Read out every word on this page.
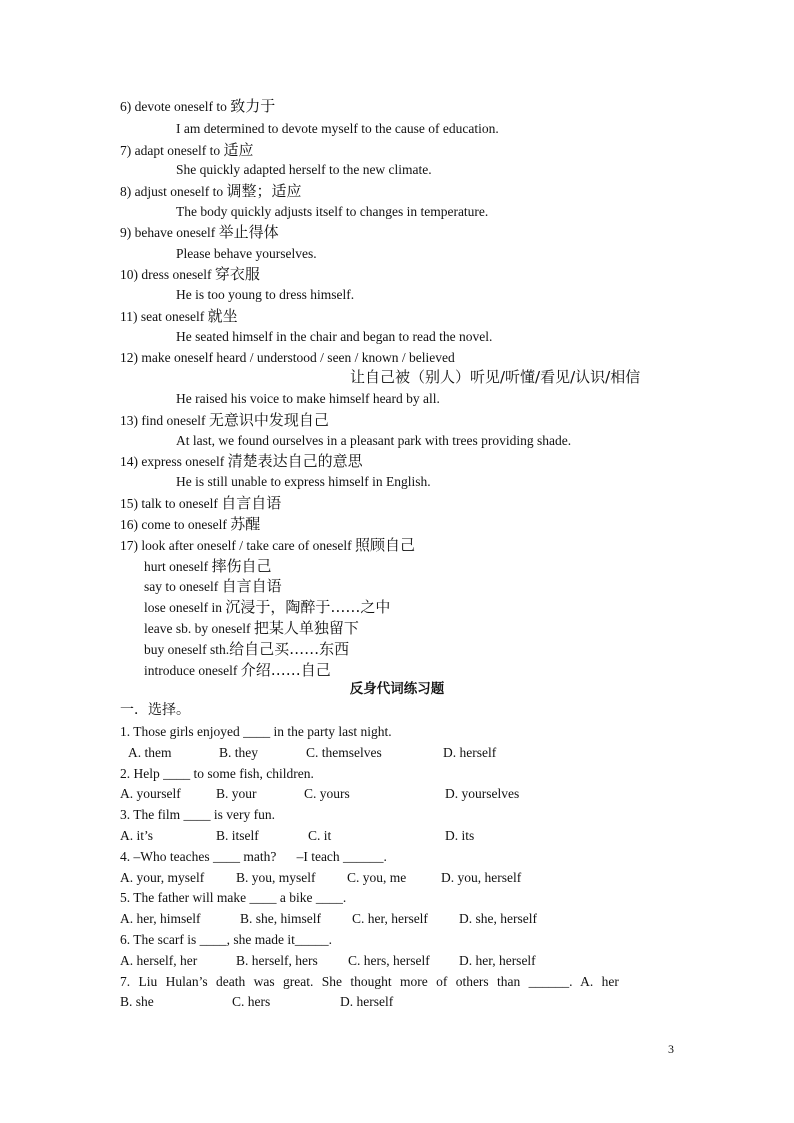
6) devote oneself to 致力于
I am determined to devote myself to the cause of education.
7) adapt oneself to 适应
She quickly adapted herself to the new climate.
8) adjust oneself to 调整；适应
The body quickly adjusts itself to changes in temperature.
9) behave oneself 举止得体
Please behave yourselves.
10) dress oneself 穿衣服
He is too young to dress himself.
11) seat oneself 就坐
He seated himself in the chair and began to read the novel.
12) make oneself heard / understood / seen / known / believed
让自己被（别人）听见/听懂/看见/认识/相信
He raised his voice to make himself heard by all.
13) find oneself 无意识中发现自己
At last, we found ourselves in a pleasant park with trees providing shade.
14) express oneself 清楚表达自己的意思
He is still unable to express himself in English.
15) talk to oneself 自言自语
16) come to oneself 苏醒
17) look after oneself / take care of oneself 照顾自己
hurt oneself 摔伤自己
say to oneself 自言自语
lose oneself in 沉浸于，陶醉于……之中
leave sb. by oneself 把某人单独留下
buy oneself sth.给自己买……东西
introduce oneself 介绍……自己
反身代词练习题
一．选择。
1. Those girls enjoyed ____ in the party last night.
A. them	B. they	C. themselves	D. herself
2. Help ____ to some fish, children.
A. yourself	B. your	C. yours	D. yourselves
3. The film ____ is very fun.
A. it’s	B. itself	C. it	D. its
4. –Who teaches ____ math?      –I teach ______.
A. your, myself B. you, myself C. you, me	D. you, herself
5. The father will make ____ a bike ____.
A. her, himself	B. she, himself C. her, herself D. she, herself
6. The scarf is ____, she made it_____.
A. herself, her	B. herself, hers C. hers, herself D. her, herself
7. Liu Hulan’s death was great. She thought more of others than ______. A. her
B. she	C. hers	D. herself
3
